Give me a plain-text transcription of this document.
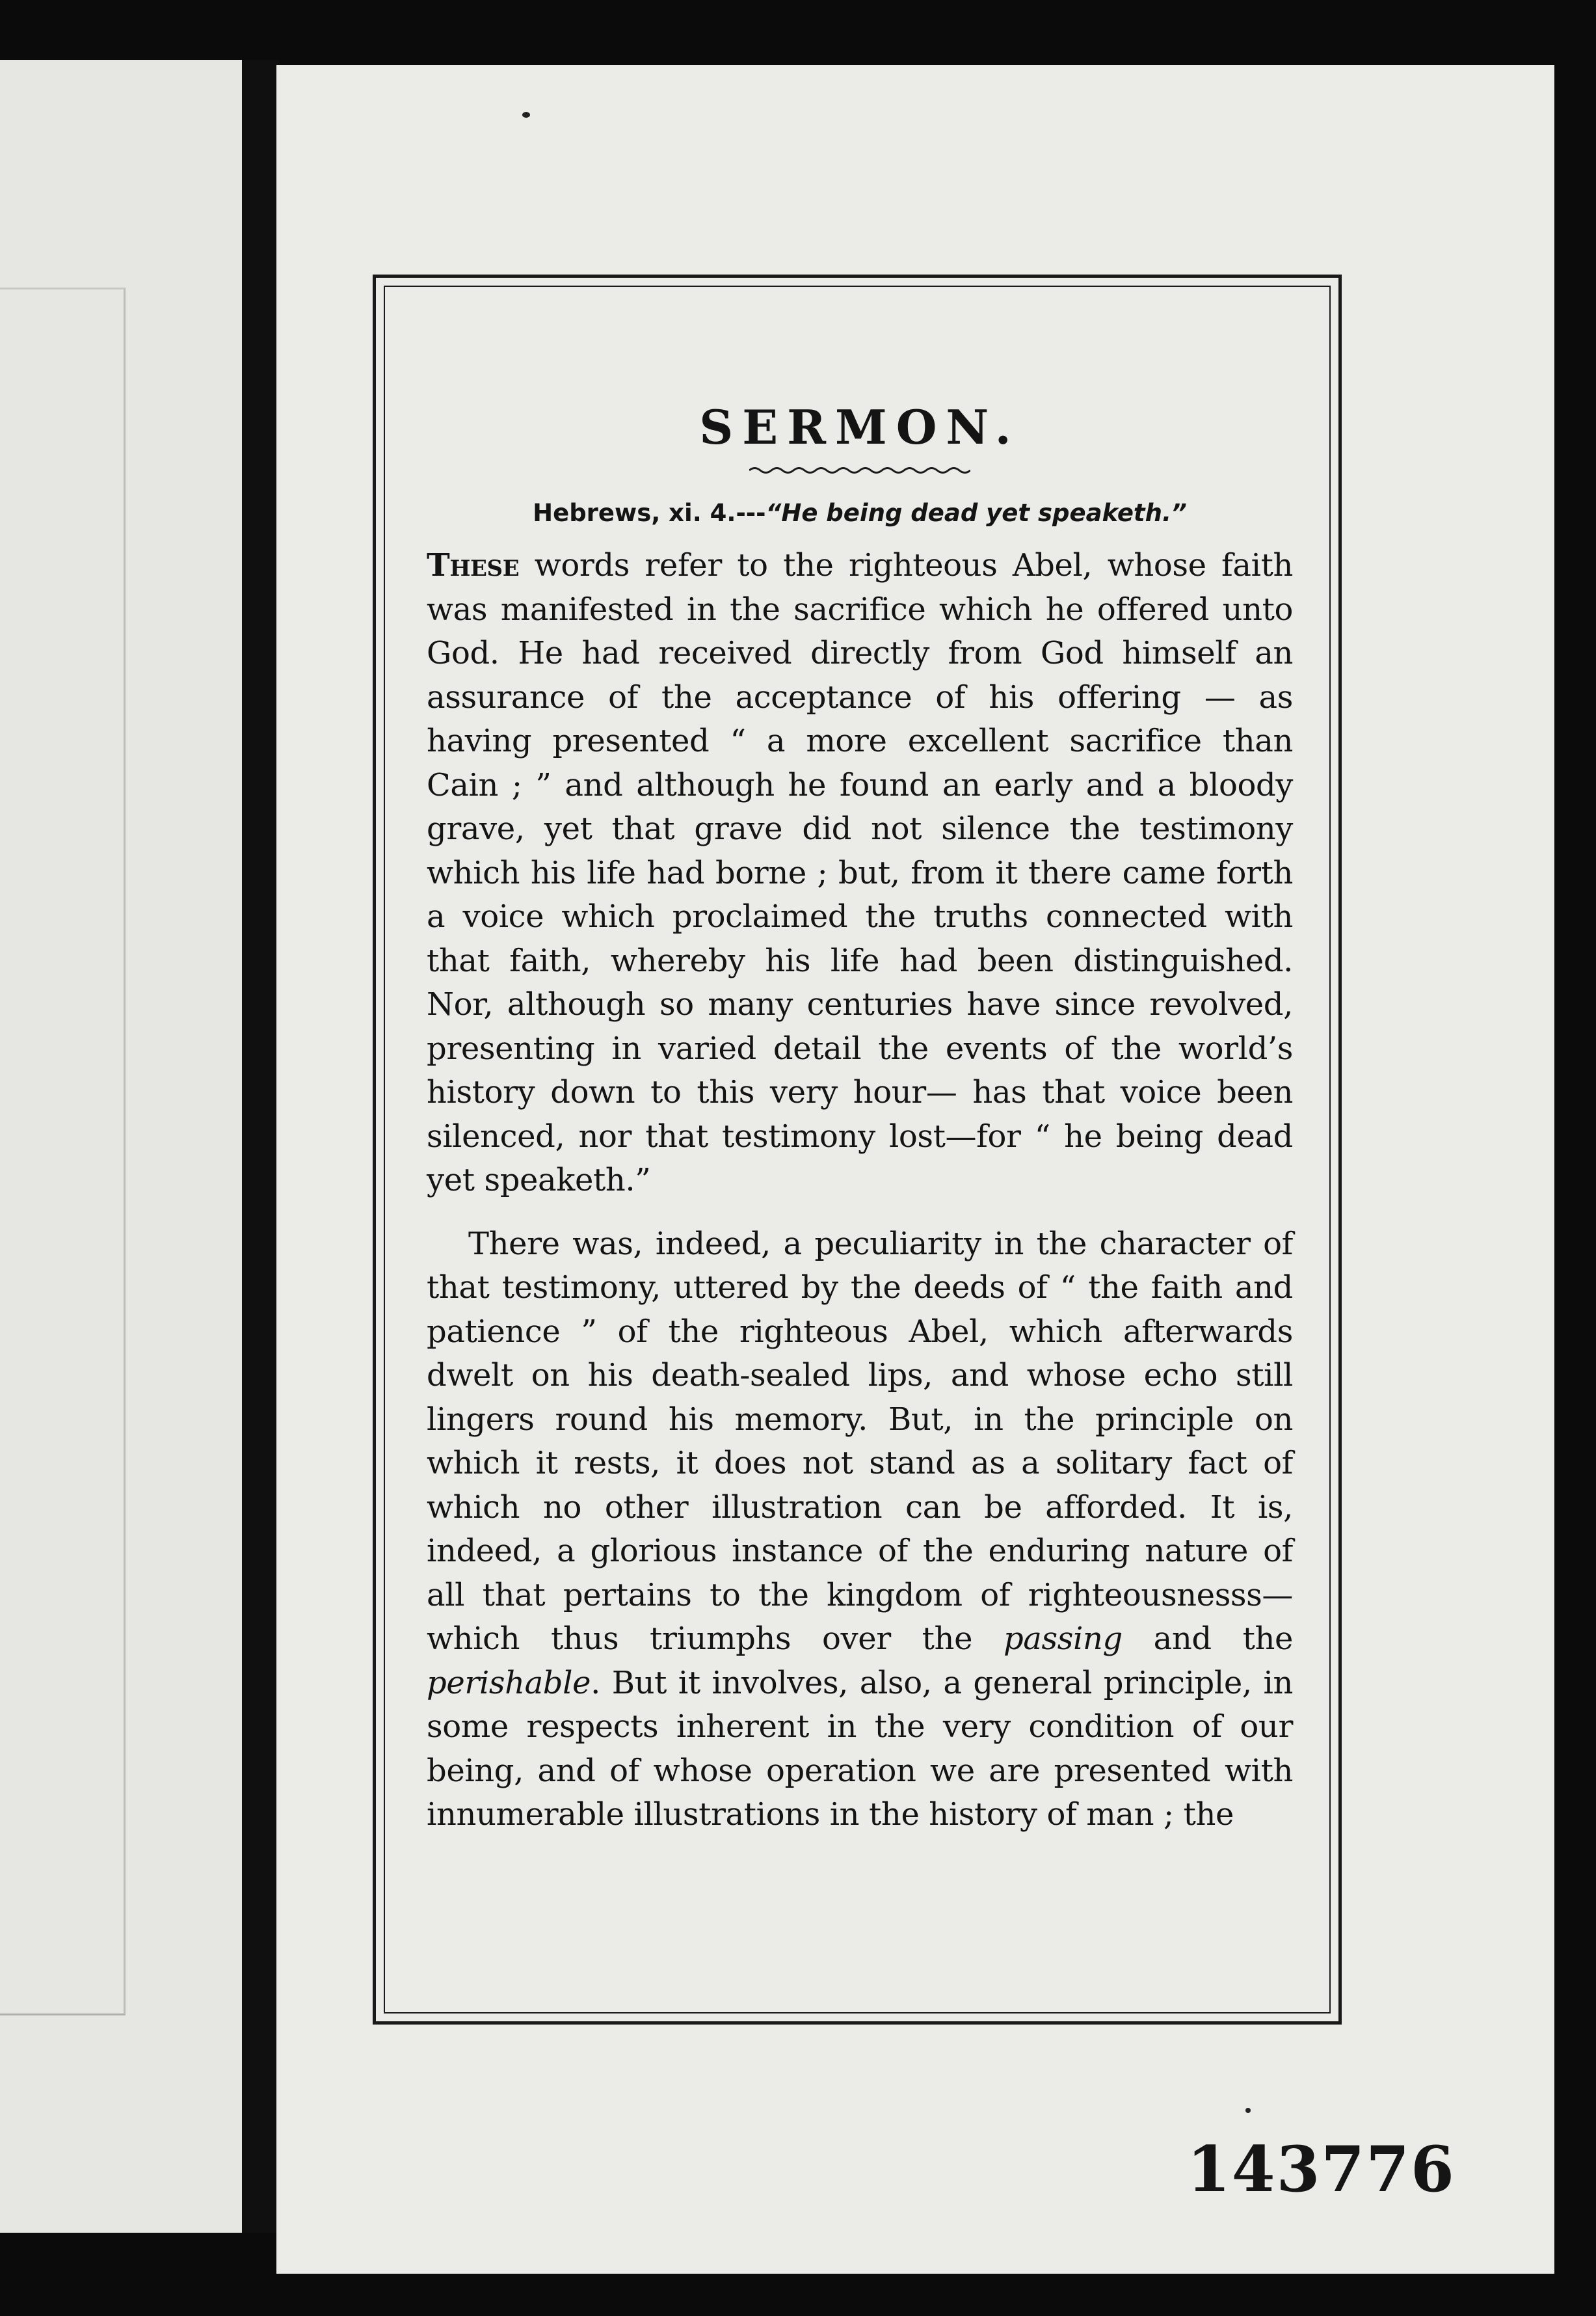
SERMON.
Hebrews, xi. 4.---“He being dead yet speaketh.”

These words refer to the righteous Abel, whose faith was manifested in the sacrifice which he offered unto God. He had received directly from God himself an assurance of the acceptance of his offering — as having presented “ a more excellent sacrifice than Cain ; ” and although he found an early and a bloody grave, yet that grave did not silence the testimony which his life had borne ; but, from it there came forth a voice which proclaimed the truths connected with that faith, whereby his life had been distinguished. Nor, although so many centuries have since revolved, presenting in varied detail the events of the world’s history down to this very hour— has that voice been silenced, nor that testimony lost—for “ he being dead yet speaketh.”

There was, indeed, a peculiarity in the character of that testimony, uttered by the deeds of “ the faith and patience ” of the righteous Abel, which afterwards dwelt on his death-sealed lips, and whose echo still lingers round his memory. But, in the principle on which it rests, it does not stand as a solitary fact of which no other illustration can be afforded. It is, indeed, a glorious instance of the enduring nature of all that pertains to the kingdom of righteousnesss—which thus triumphs over the passing and the perishable. But it involves, also, a general principle, in some respects inherent in the very condition of our being, and of whose operation we are presented with innumerable illustrations in the history of man ; the

143776
